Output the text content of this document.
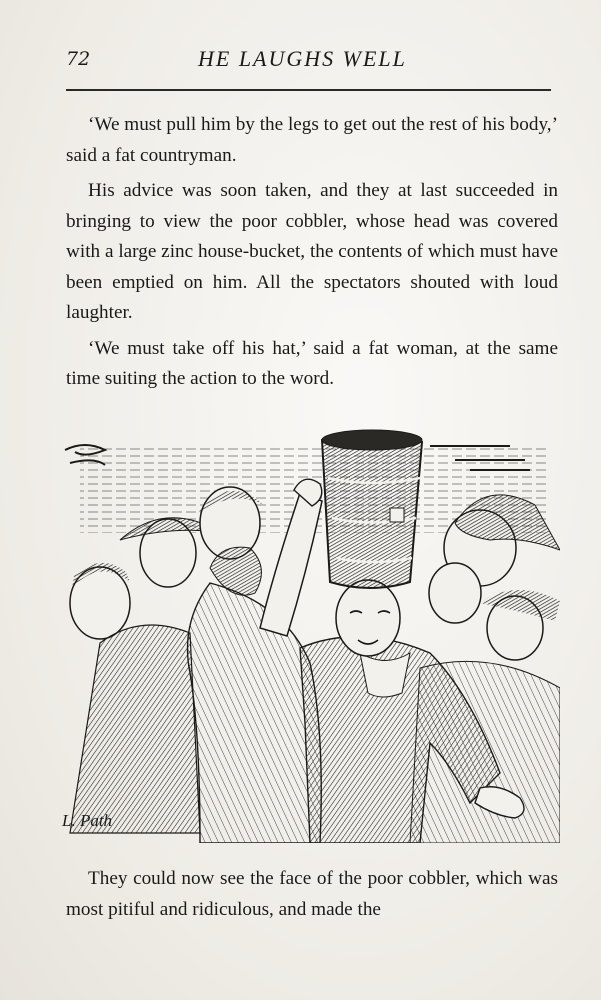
72	HE LAUGHS WELL

‘We must pull him by the legs to get out the rest of his body,’ said a fat countryman.

His advice was soon taken, and they at last succeeded in bringing to view the poor cobbler, whose head was covered with a large zinc house-bucket, the contents of which must have been emptied on him. All the spectators shouted with loud laughter.

‘We must take off his hat,’ said a fat woman, at the same time suiting the action to the word.

L. Path

They could now see the face of the poor cobbler, which was most pitiful and ridiculous, and made the
